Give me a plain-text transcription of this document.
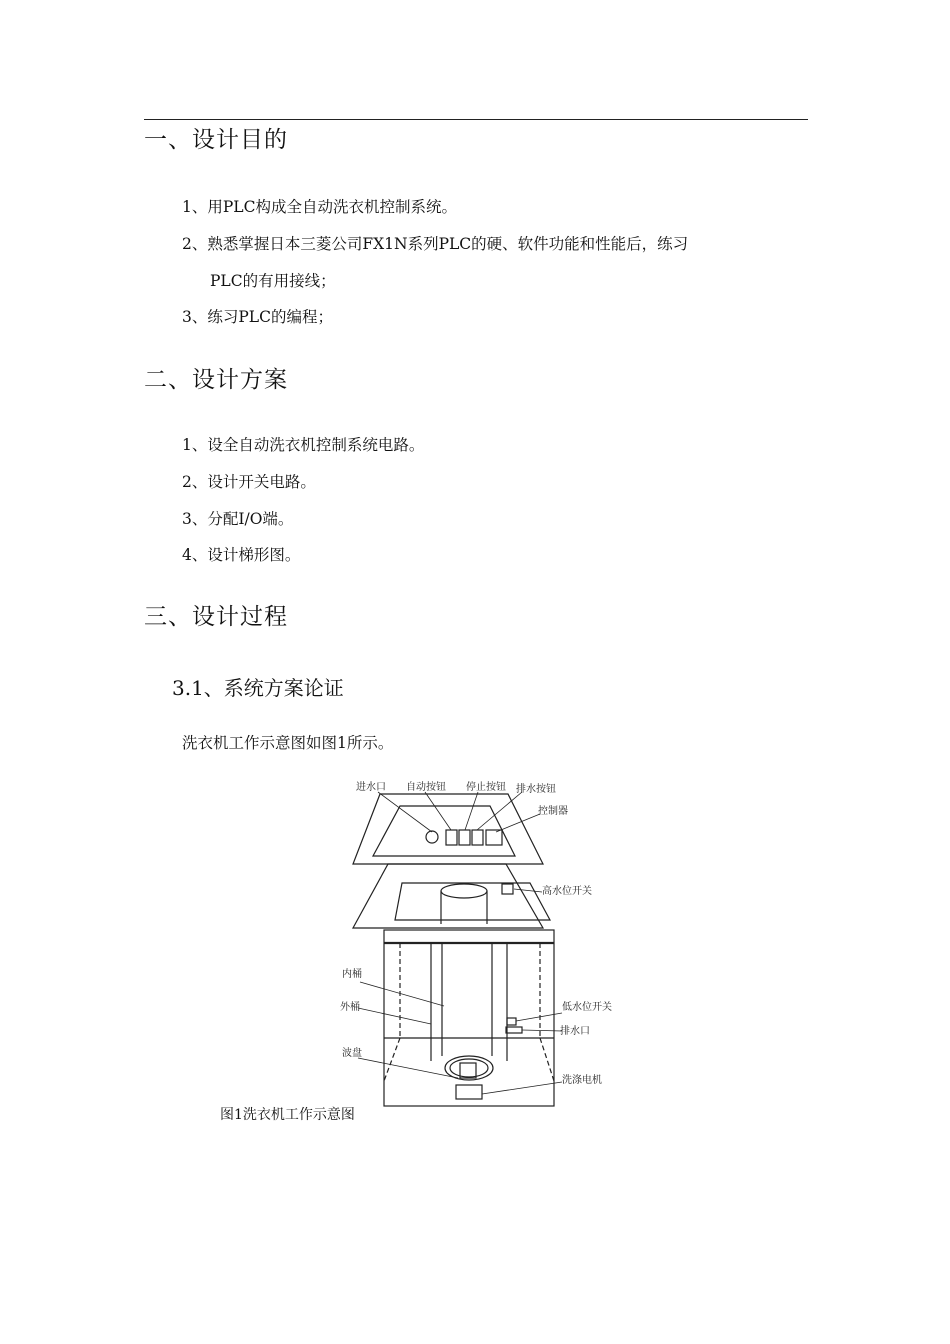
一、设计目的
1、用PLC构成全自动洗衣机控制系统。
2、熟悉掌握日本三菱公司FX1N系列PLC的硬、软件功能和性能后，练习
PLC的有用接线；
3、练习PLC的编程；
二、设计方案
1、设全自动洗衣机控制系统电路。
2、设计开关电路。
3、分配I/O端。
4、设计梯形图。
三、设计过程
3.1、系统方案论证
洗衣机工作示意图如图1所示。
进水口 自动按钮 停止按钮 排水按钮
控制器
高水位开关
内桶
外桶	低水位开关
排水口
波盘
洗涤电机
图1洗衣机工作示意图
